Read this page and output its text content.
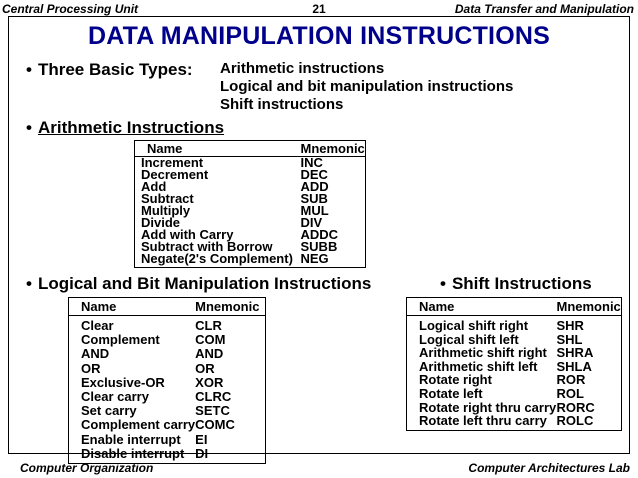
Central Processing Unit	21	Data Transfer and Manipulation
DATA MANIPULATION INSTRUCTIONS
• Three Basic Types: Arithmetic instructions
Logical and bit manipulation instructions
Shift instructions
• Arithmetic Instructions
Name	Mnemonic
Increment	INC
Decrement	DEC
Add	ADD
Subtract	SUB
Multiply	MUL
Divide	DIV
Add with Carry	ADDC
Subtract with Borrow	SUBB
Negate(2's Complement)	NEG
• Logical and Bit Manipulation Instructions	• Shift Instructions
Name	Mnemonic
Clear	CLR
Complement	COM
AND	AND
OR	OR
Exclusive-OR	XOR
Clear carry	CLRC
Set carry	SETC
Complement carry	COMC
Enable interrupt	EI
Disable interrupt	DI
Name	Mnemonic
Logical shift right	SHR
Logical shift left	SHL
Arithmetic shift right	SHRA
Arithmetic shift left	SHLA
Rotate right	ROR
Rotate left	ROL
Rotate right thru carry	RORC
Rotate left thru carry	ROLC
Computer Organization	Computer Architectures Lab
